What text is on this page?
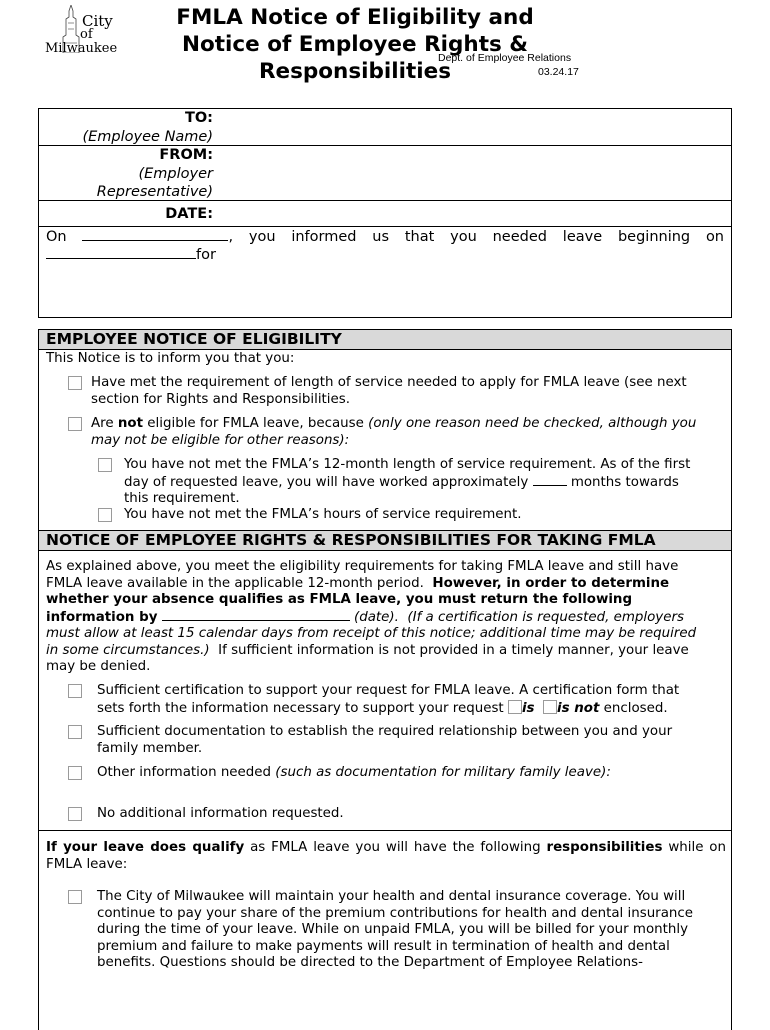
City
of
Milwaukee
FMLA Notice of Eligibility and
Notice of Employee Rights &
Responsibilities
Dept. of Employee Relations
03.24.17
TO:
(Employee Name)
FROM:
(Employer
Representative)
DATE:
On	, you informed us that you needed leave beginning on
for
EMPLOYEE NOTICE OF ELIGIBILITY
This Notice is to inform you that you:
Have met the requirement of length of service needed to apply for FMLA leave (see next
section for Rights and Responsibilities.
Are not eligible for FMLA leave, because (only one reason need be checked, although you
may not be eligible for other reasons):
You have not met the FMLA’s 12-month length of service requirement. As of the first
day of requested leave, you will have worked approximately	months towards
this requirement.
You have not met the FMLA’s hours of service requirement.
NOTICE OF EMPLOYEE RIGHTS & RESPONSIBILITIES FOR TAKING FMLA
As explained above, you meet the eligibility requirements for taking FMLA leave and still have
FMLA leave available in the applicable 12-month period. However, in order to determine
whether your absence qualifies as FMLA leave, you must return the following
information by	(date). (If a certification is requested, employers
must allow at least 15 calendar days from receipt of this notice; additional time may be required
in some circumstances.) If sufficient information is not provided in a timely manner, your leave
may be denied.
Sufficient certification to support your request for FMLA leave. A certification form that
sets forth the information necessary to support your request is is not enclosed.
Sufficient documentation to establish the required relationship between you and your
family member.
Other information needed (such as documentation for military family leave):
No additional information requested.
If your leave does qualify as FMLA leave you will have the following responsibilities while on
FMLA leave:
The City of Milwaukee will maintain your health and dental insurance coverage. You will
continue to pay your share of the premium contributions for health and dental insurance
during the time of your leave. While on unpaid FMLA, you will be billed for your monthly
premium and failure to make payments will result in termination of health and dental
benefits. Questions should be directed to the Department of Employee Relations-
